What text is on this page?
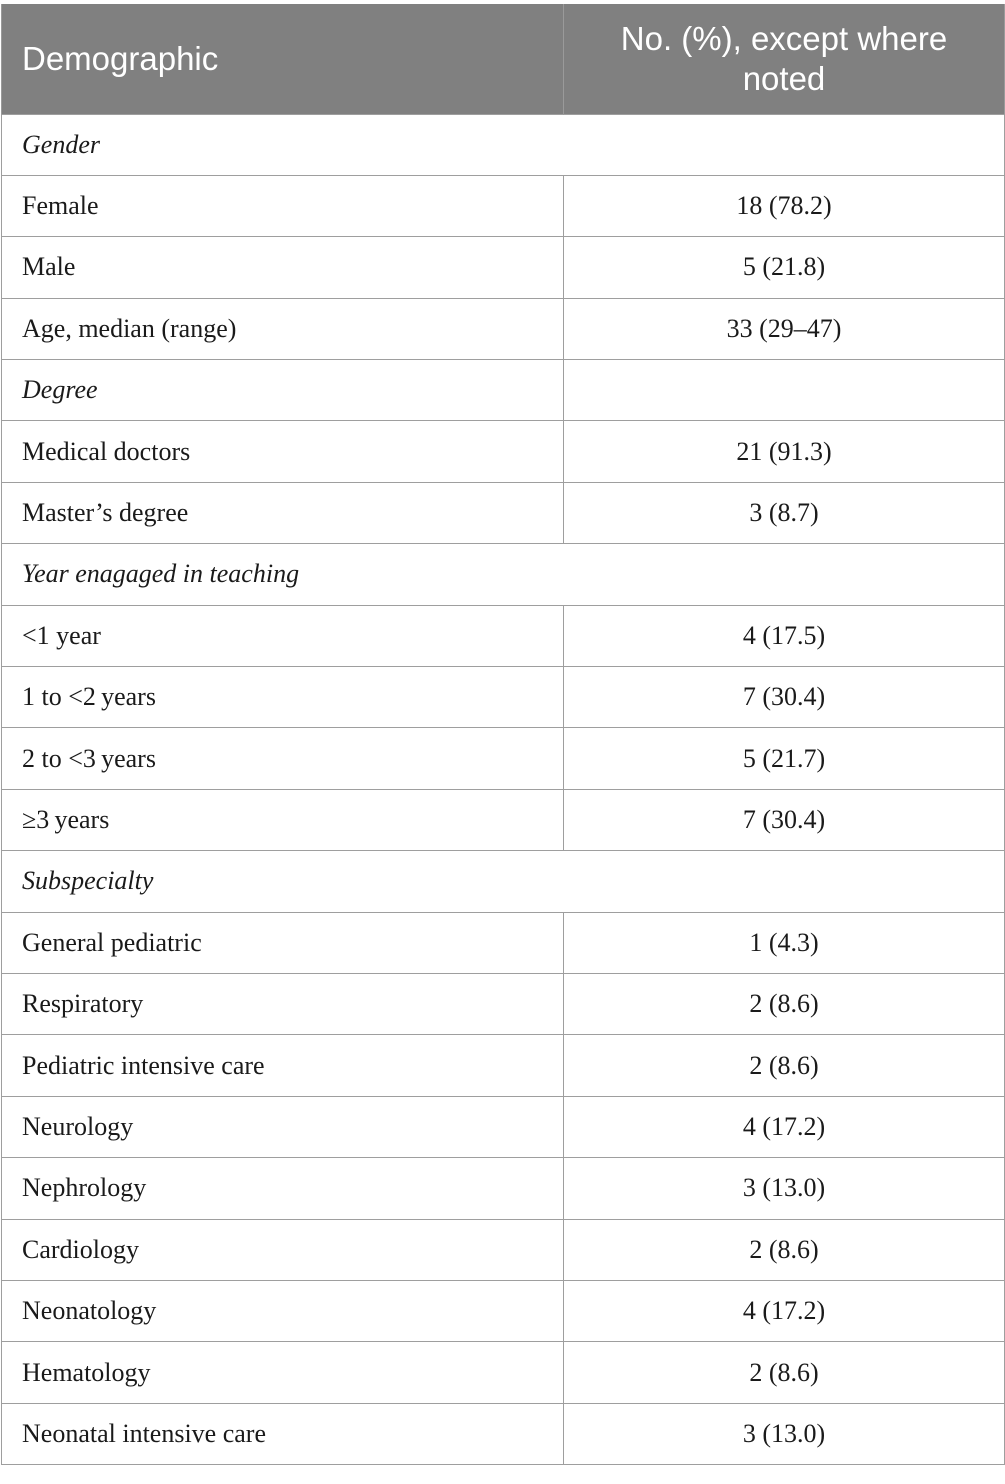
Demographic	No. (%), except where noted
Gender	
Female	18 (78.2)
Male	5 (21.8)
Age, median (range)	33 (29–47)
Degree	
Medical doctors	21 (91.3)
Master’s degree	3 (8.7)
Year enagaged in teaching	
<1 year	4 (17.5)
1 to <2 years	7 (30.4)
2 to <3 years	5 (21.7)
≥3 years	7 (30.4)
Subspecialty	
General pediatric	1 (4.3)
Respiratory	2 (8.6)
Pediatric intensive care	2 (8.6)
Neurology	4 (17.2)
Nephrology	3 (13.0)
Cardiology	2 (8.6)
Neonatology	4 (17.2)
Hematology	2 (8.6)
Neonatal intensive care	3 (13.0)
